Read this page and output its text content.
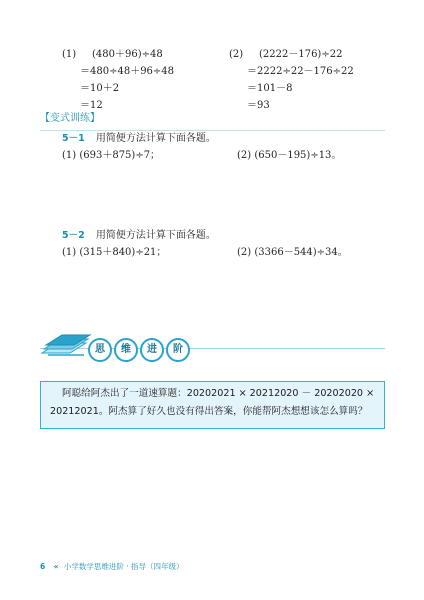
(1) (480＋96)÷48
＝480÷48＋96÷48
＝10＋2
＝12
(2) (2222－176)÷22
＝2222÷22－176÷22
＝101－8
＝93
【变式训练】
5－1 用简便方法计算下面各题。
(1) (693＋875)÷7；	(2) (650－195)÷13。
5－2 用简便方法计算下面各题。
(1) (315＋840)÷21；	(2) (3366－544)÷34。
思 维 进 阶
阿聪给阿杰出了一道速算题：20202021 × 20212020 － 20202020 ×
20212021。阿杰算了好久也没有得出答案，你能帮阿杰想想该怎么算吗？
6 « 小学数学思维进阶 · 指导（四年级）
